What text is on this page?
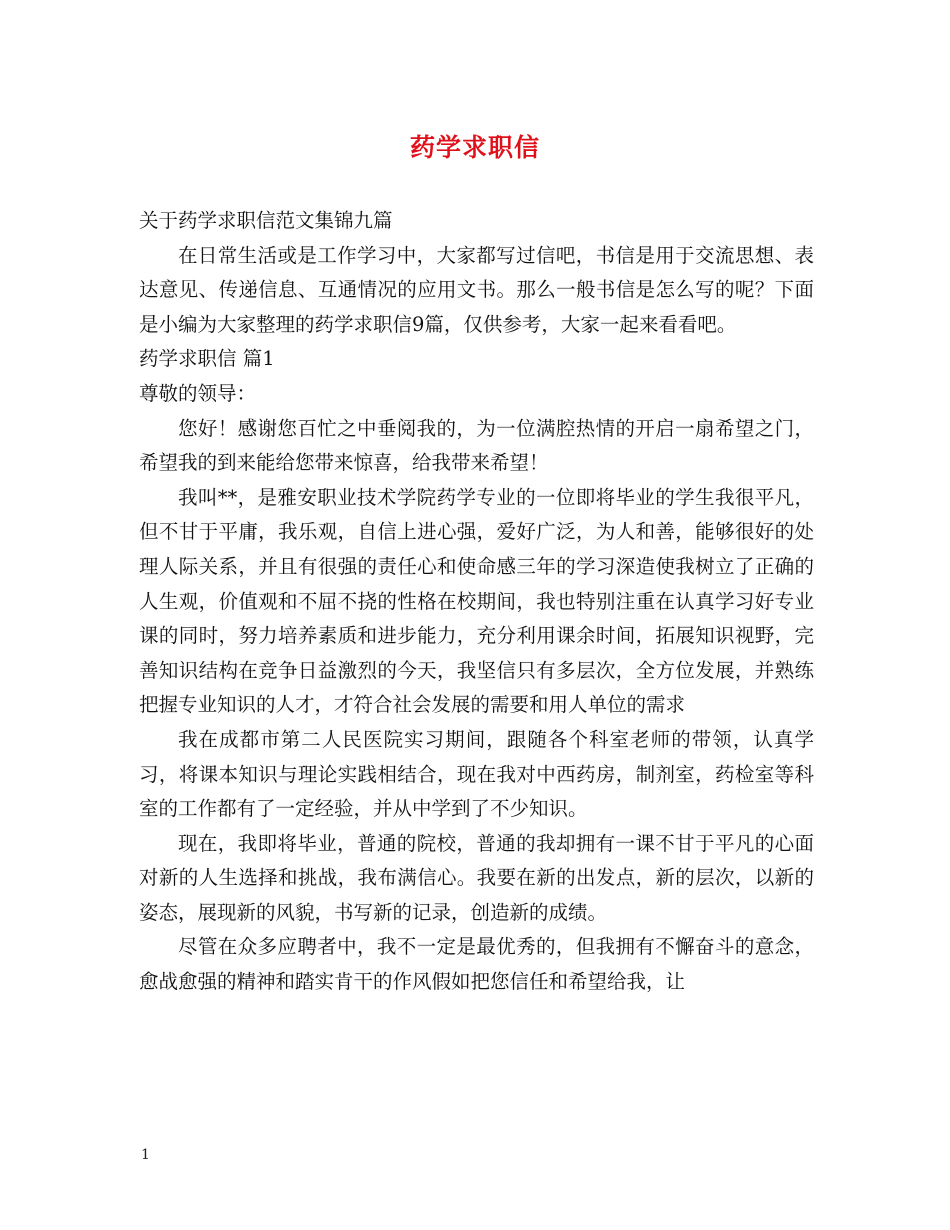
药学求职信

关于药学求职信范文集锦九篇

在日常生活或是工作学习中，大家都写过信吧，书信是用于交流思想、表达意见、传递信息、互通情况的应用文书。那么一般书信是怎么写的呢？下面是小编为大家整理的药学求职信9篇，仅供参考，大家一起来看看吧。

药学求职信 篇1

尊敬的领导：

您好！感谢您百忙之中垂阅我的，为一位满腔热情的开启一扇希望之门，希望我的到来能给您带来惊喜，给我带来希望！

我叫**，是雅安职业技术学院药学专业的一位即将毕业的学生我很平凡，但不甘于平庸，我乐观，自信上进心强，爱好广泛，为人和善，能够很好的处理人际关系，并且有很强的责任心和使命感三年的学习深造使我树立了正确的人生观，价值观和不屈不挠的性格在校期间，我也特别注重在认真学习好专业课的同时，努力培养素质和进步能力，充分利用课余时间，拓展知识视野，完善知识结构在竞争日益激烈的今天，我坚信只有多层次，全方位发展，并熟练把握专业知识的人才，才符合社会发展的需要和用人单位的需求

我在成都市第二人民医院实习期间，跟随各个科室老师的带领，认真学习，将课本知识与理论实践相结合，现在我对中西药房，制剂室，药检室等科室的工作都有了一定经验，并从中学到了不少知识。

现在，我即将毕业，普通的院校，普通的我却拥有一课不甘于平凡的心面对新的人生选择和挑战，我布满信心。我要在新的出发点，新的层次，以新的姿态，展现新的风貌，书写新的记录，创造新的成绩。

尽管在众多应聘者中，我不一定是最优秀的，但我拥有不懈奋斗的意念，愈战愈强的精神和踏实肯干的作风假如把您信任和希望给我，让

1
